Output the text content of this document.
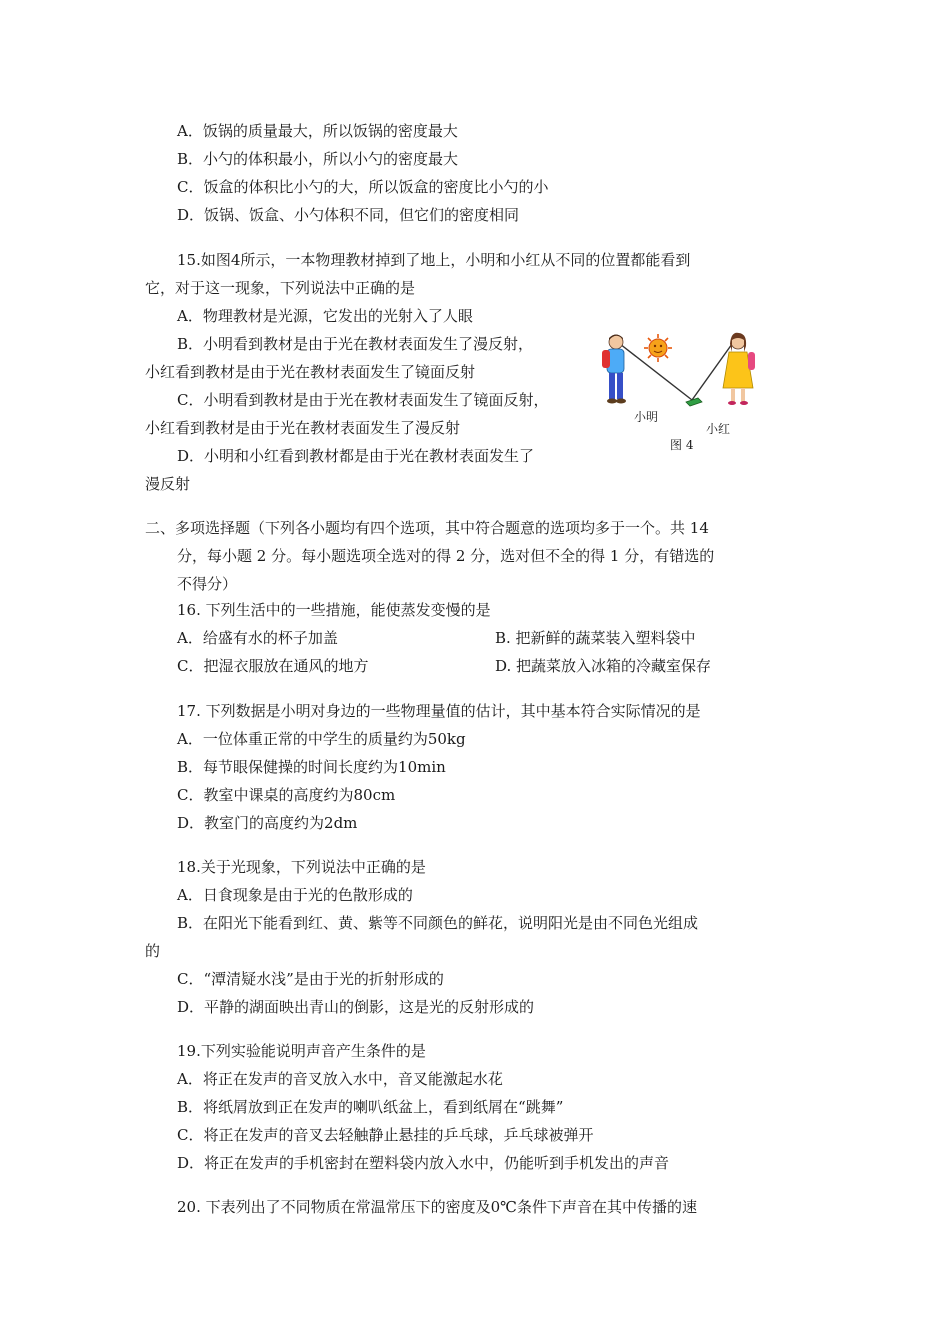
A．饭锅的质量最大，所以饭锅的密度最大
B．小勺的体积最小，所以小勺的密度最大
C．饭盒的体积比小勺的大，所以饭盒的密度比小勺的小
D．饭锅、饭盒、小勺体积不同，但它们的密度相同
15.如图4所示，一本物理教材掉到了地上，小明和小红从不同的位置都能看到
它，对于这一现象，下列说法中正确的是
A．物理教材是光源，它发出的光射入了人眼
B．小明看到教材是由于光在教材表面发生了漫反射，
小红看到教材是由于光在教材表面发生了镜面反射
C．小明看到教材是由于光在教材表面发生了镜面反射，
小红看到教材是由于光在教材表面发生了漫反射
D．小明和小红看到教材都是由于光在教材表面发生了
漫反射
小明
小红
图 4
二、多项选择题（下列各小题均有四个选项，其中符合题意的选项均多于一个。共 14
分，每小题 2 分。每小题选项全选对的得 2 分，选对但不全的得 1 分，有错选的
不得分）
16. 下列生活中的一些措施，能使蒸发变慢的是
A．给盛有水的杯子加盖	B. 把新鲜的蔬菜装入塑料袋中
C．把湿衣服放在通风的地方	D. 把蔬菜放入冰箱的冷藏室保存
17. 下列数据是小明对身边的一些物理量值的估计，其中基本符合实际情况的是
A．一位体重正常的中学生的质量约为50kg
B．每节眼保健操的时间长度约为10min
C．教室中课桌的高度约为80cm
D．教室门的高度约为2dm
18.关于光现象，下列说法中正确的是
A．日食现象是由于光的色散形成的
B．在阳光下能看到红、黄、紫等不同颜色的鲜花，说明阳光是由不同色光组成
的
C．“潭清疑水浅”是由于光的折射形成的
D．平静的湖面映出青山的倒影，这是光的反射形成的
19.下列实验能说明声音产生条件的是
A．将正在发声的音叉放入水中，音叉能激起水花
B．将纸屑放到正在发声的喇叭纸盆上，看到纸屑在“跳舞”
C．将正在发声的音叉去轻触静止悬挂的乒乓球，乒乓球被弹开
D．将正在发声的手机密封在塑料袋内放入水中，仍能听到手机发出的声音
20. 下表列出了不同物质在常温常压下的密度及0℃条件下声音在其中传播的速
